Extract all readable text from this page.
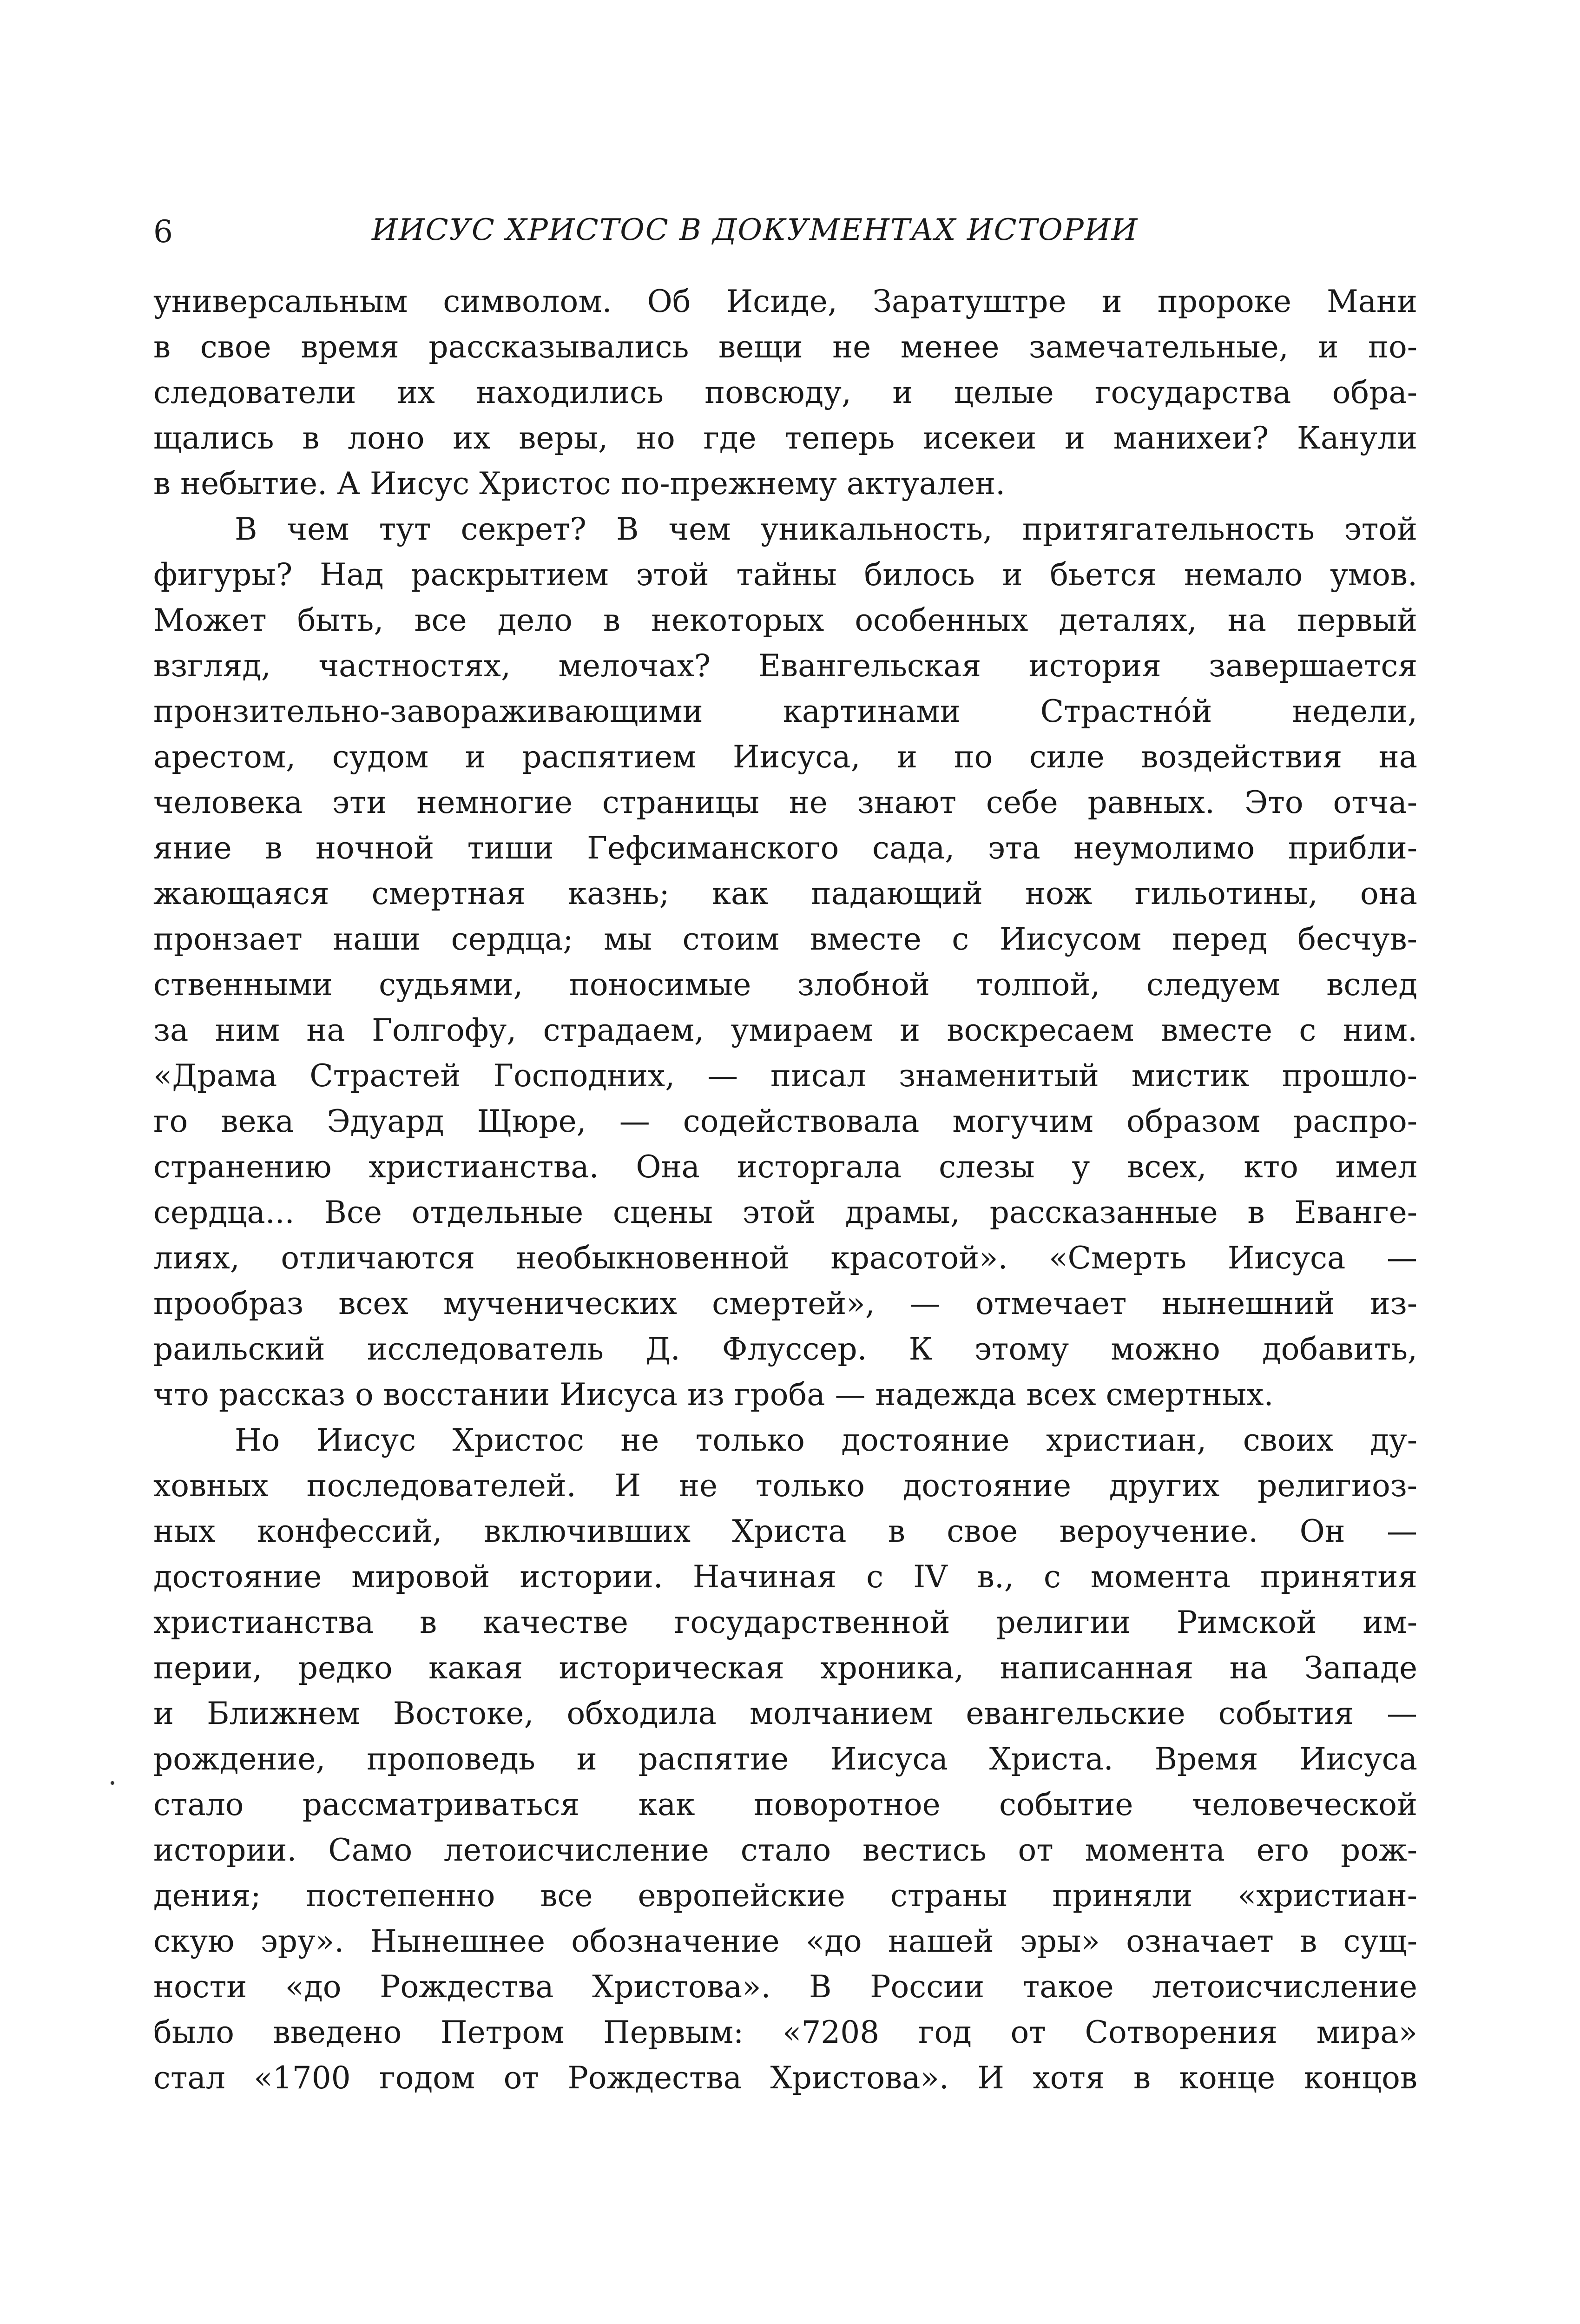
6	ИИСУС ХРИСТОС В ДОКУМЕНТАХ ИСТОРИИ
универсальным символом. Об Исиде, Заратуштре и пророке Мани
в свое время рассказывались вещи не менее замечательные, и по-
следователи их находились повсюду, и целые государства обра-
щались в лоно их веры, но где теперь исекеи и манихеи? Канули
в небытие. А Иисус Христос по-прежнему актуален.
В чем тут секрет? В чем уникальность, притягательность этой
фигуры? Над раскрытием этой тайны билось и бьется немало умов.
Может быть, все дело в некоторых особенных деталях, на первый
взгляд, частностях, мелочах? Евангельская история завершается
пронзительно-завораживающими картинами Страстно́й недели,
арестом, судом и распятием Иисуса, и по силе воздействия на
человека эти немногие страницы не знают себе равных. Это отча-
яние в ночной тиши Гефсиманского сада, эта неумолимо прибли-
жающаяся смертная казнь; как падающий нож гильотины, она
пронзает наши сердца; мы стоим вместе с Иисусом перед бесчув-
ственными судьями, поносимые злобной толпой, следуем вслед
за ним на Голгофу, страдаем, умираем и воскресаем вместе с ним.
«Драма Страстей Господних, — писал знаменитый мистик прошло-
го века Эдуард Щюре, — содействовала могучим образом распро-
странению христианства. Она исторгала слезы у всех, кто имел
сердца... Все отдельные сцены этой драмы, рассказанные в Еванге-
лиях, отличаются необыкновенной красотой». «Смерть Иисуса —
прообраз всех мученических смертей», — отмечает нынешний из-
раильский исследователь Д. Флуссер. К этому можно добавить,
что рассказ о восстании Иисуса из гроба — надежда всех смертных.
Но Иисус Христос не только достояние христиан, своих ду-
ховных последователей. И не только достояние других религиоз-
ных конфессий, включивших Христа в свое вероучение. Он —
достояние мировой истории. Начиная с IV в., с момента принятия
христианства в качестве государственной религии Римской им-
перии, редко какая историческая хроника, написанная на Западе
и Ближнем Востоке, обходила молчанием евангельские события —
рождение, проповедь и распятие Иисуса Христа. Время Иисуса
стало рассматриваться как поворотное событие человеческой
истории. Само летоисчисление стало вестись от момента его рож-
дения; постепенно все европейские страны приняли «христиан-
скую эру». Нынешнее обозначение «до нашей эры» означает в сущ-
ности «до Рождества Христова». В России такое летоисчисление
было введено Петром Первым: «7208 год от Сотворения мира»
стал «1700 годом от Рождества Христова». И хотя в конце концов
